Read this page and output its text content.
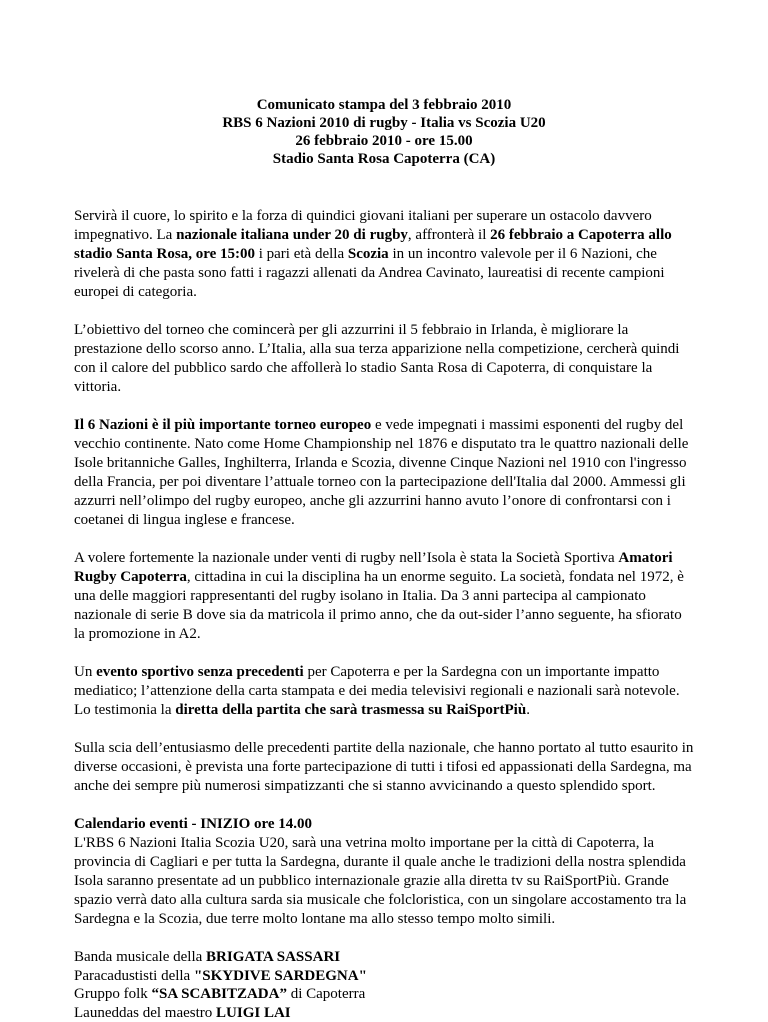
Comunicato stampa del 3 febbraio 2010
RBS 6 Nazioni 2010 di rugby - Italia vs Scozia U20
26 febbraio 2010 - ore 15.00
Stadio Santa Rosa Capoterra (CA)

Servirà il cuore, lo spirito e la forza di quindici giovani italiani per superare un ostacolo davvero impegnativo. La nazionale italiana under 20 di rugby, affronterà il 26 febbraio a Capoterra allo stadio Santa Rosa, ore 15:00 i pari età della Scozia in un incontro valevole per il 6 Nazioni, che rivelerà di che pasta sono fatti i ragazzi allenati da Andrea Cavinato, laureatisi di recente campioni europei di categoria.

L’obiettivo del torneo che comincerà per gli azzurrini il 5 febbraio in Irlanda, è migliorare la prestazione dello scorso anno. L’Italia, alla sua terza apparizione nella competizione, cercherà quindi con il calore del pubblico sardo che affollerà lo stadio Santa Rosa di Capoterra, di conquistare la vittoria.

Il 6 Nazioni è il più importante torneo europeo e vede impegnati i massimi esponenti del rugby del vecchio continente. Nato come Home Championship nel 1876 e disputato tra le quattro nazionali delle Isole britanniche Galles, Inghilterra, Irlanda e Scozia, divenne Cinque Nazioni nel 1910 con l'ingresso della Francia, per poi diventare l’attuale torneo con la partecipazione dell'Italia dal 2000. Ammessi gli azzurri nell’olimpo del rugby europeo, anche gli azzurrini hanno avuto l’onore di confrontarsi con i coetanei di lingua inglese e francese.

A volere fortemente la nazionale under venti di rugby nell’Isola è stata la Società Sportiva Amatori Rugby Capoterra, cittadina in cui la disciplina ha un enorme seguito. La società, fondata nel 1972, è una delle maggiori rappresentanti del rugby isolano in Italia. Da 3 anni partecipa al campionato nazionale di serie B dove sia da matricola il primo anno, che da out-sider l’anno seguente, ha sfiorato la promozione in A2.

Un evento sportivo senza precedenti per Capoterra e per la Sardegna con un importante impatto mediatico; l’attenzione della carta stampata e dei media televisivi regionali e nazionali sarà notevole. Lo testimonia la diretta della partita che sarà trasmessa su RaiSportPiù.

Sulla scia dell’entusiasmo delle precedenti partite della nazionale, che hanno portato al tutto esaurito in diverse occasioni, è prevista una forte partecipazione di tutti i tifosi ed appassionati della Sardegna, ma anche dei sempre più numerosi simpatizzanti che si stanno avvicinando a questo splendido sport.

Calendario eventi - INIZIO ore 14.00
L'RBS 6 Nazioni Italia Scozia U20, sarà una vetrina molto importane per la città di Capoterra, la provincia di Cagliari e per tutta la Sardegna, durante il quale anche le tradizioni della nostra splendida Isola saranno presentate ad un pubblico internazionale grazie alla diretta tv su RaiSportPiù. Grande spazio verrà dato alla cultura sarda sia musicale che folcloristica, con un singolare accostamento tra la Sardegna e la Scozia, due terre molto lontane ma allo stesso tempo molto simili.

Banda musicale della BRIGATA SASSARI
Paracadustisti della "SKYDIVE SARDEGNA"
Gruppo folk “SA SCABITZADA” di Capoterra
Launeddas del maestro LUIGI LAI
